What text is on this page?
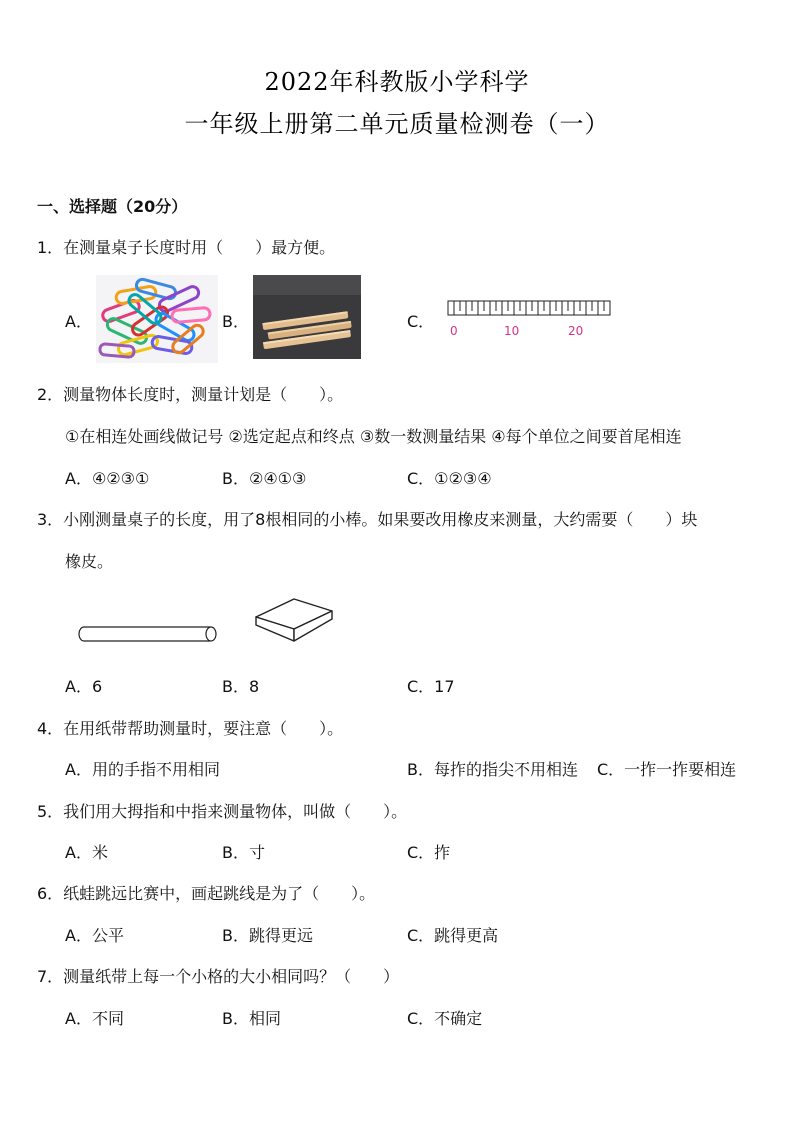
2022年科教版小学科学
一年级上册第二单元质量检测卷（一）
一、选择题（20分）
1．在测量桌子长度时用（　　）最方便。
A．	B．	C． 0	10	20
2．测量物体长度时，测量计划是（　　）。
①在相连处画线做记号 ②选定起点和终点 ③数一数测量结果 ④每个单位之间要首尾相连
A．④②③①	B．②④①③	C．①②③④
3．小刚测量桌子的长度，用了8根相同的小棒。如果要改用橡皮来测量，大约需要（　　）块
橡皮。
A．6	B．8	C．17
4．在用纸带帮助测量时，要注意（　　）。
A．用的手指不用相同	B．每拃的指尖不用相连 C．一拃一拃要相连
5．我们用大拇指和中指来测量物体，叫做（　　）。
A．米	B．寸	C．拃
6．纸蛙跳远比赛中，画起跳线是为了（　　）。
A．公平	B．跳得更远	C．跳得更高
7．测量纸带上每一个小格的大小相同吗？（　　）
A．不同	B．相同	C．不确定
